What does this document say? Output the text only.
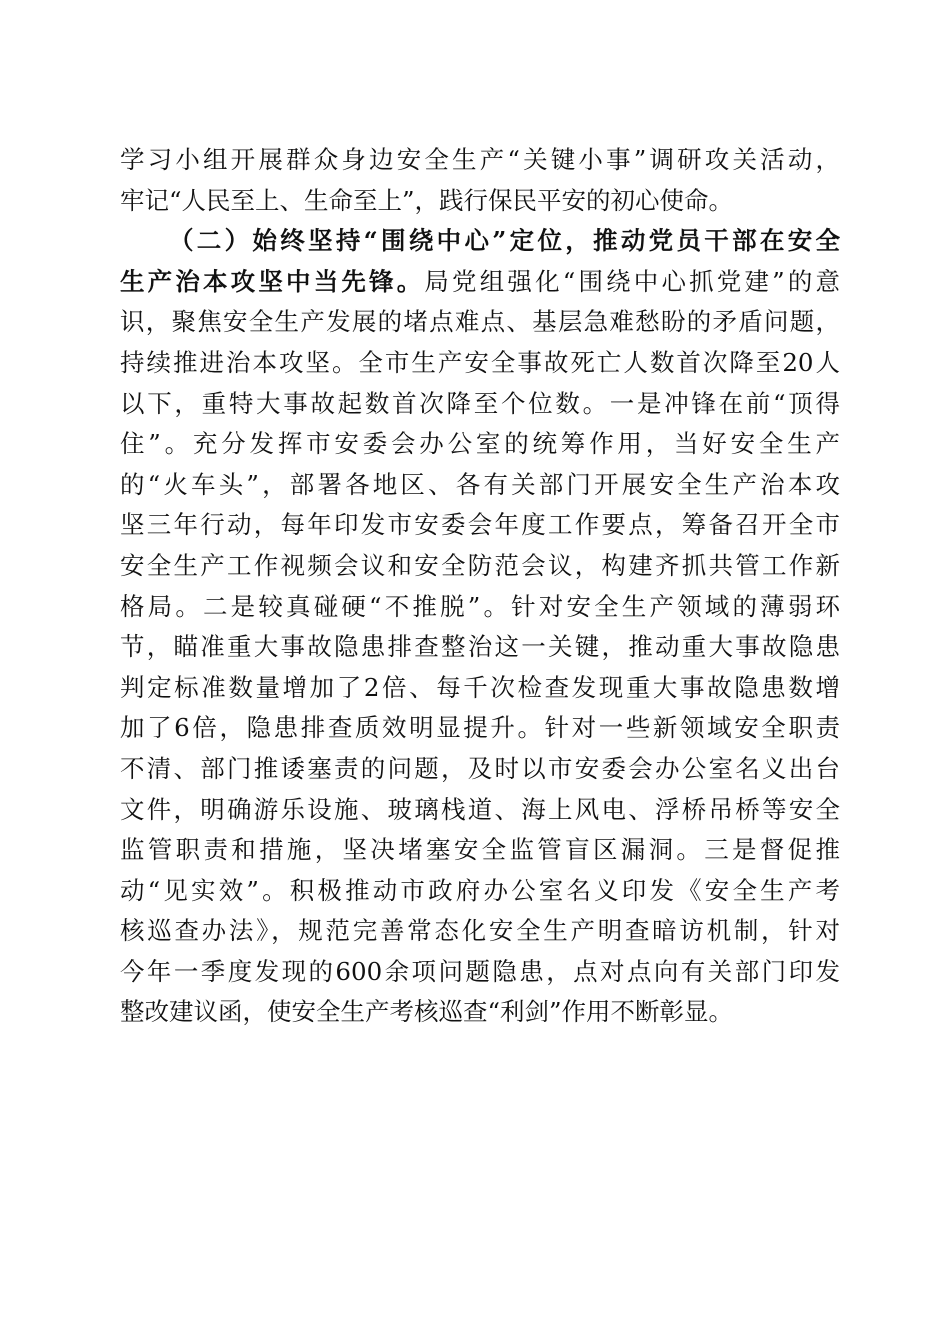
学习小组开展群众身边安全生产“关键小事”调研攻关活动，
牢记“人民至上、生命至上”，践行保民平安的初心使命。
（二）始终坚持“围绕中心”定位，推动党员干部在安全
生产治本攻坚中当先锋。局党组强化“围绕中心抓党建”的意
识，聚焦安全生产发展的堵点难点、基层急难愁盼的矛盾问题，
持续推进治本攻坚。全市生产安全事故死亡人数首次降至20人
以下，重特大事故起数首次降至个位数。一是冲锋在前“顶得
住”。充分发挥市安委会办公室的统筹作用，当好安全生产
的“火车头”，部署各地区、各有关部门开展安全生产治本攻
坚三年行动，每年印发市安委会年度工作要点，筹备召开全市
安全生产工作视频会议和安全防范会议，构建齐抓共管工作新
格局。二是较真碰硬“不推脱”。针对安全生产领域的薄弱环
节，瞄准重大事故隐患排查整治这一关键，推动重大事故隐患
判定标准数量增加了2倍、每千次检查发现重大事故隐患数增
加了6倍，隐患排查质效明显提升。针对一些新领域安全职责
不清、部门推诿塞责的问题，及时以市安委会办公室名义出台
文件，明确游乐设施、玻璃栈道、海上风电、浮桥吊桥等安全
监管职责和措施，坚决堵塞安全监管盲区漏洞。三是督促推
动“见实效”。积极推动市政府办公室名义印发《安全生产考
核巡查办法》，规范完善常态化安全生产明查暗访机制，针对
今年一季度发现的600余项问题隐患，点对点向有关部门印发
整改建议函，使安全生产考核巡查“利剑”作用不断彰显。
